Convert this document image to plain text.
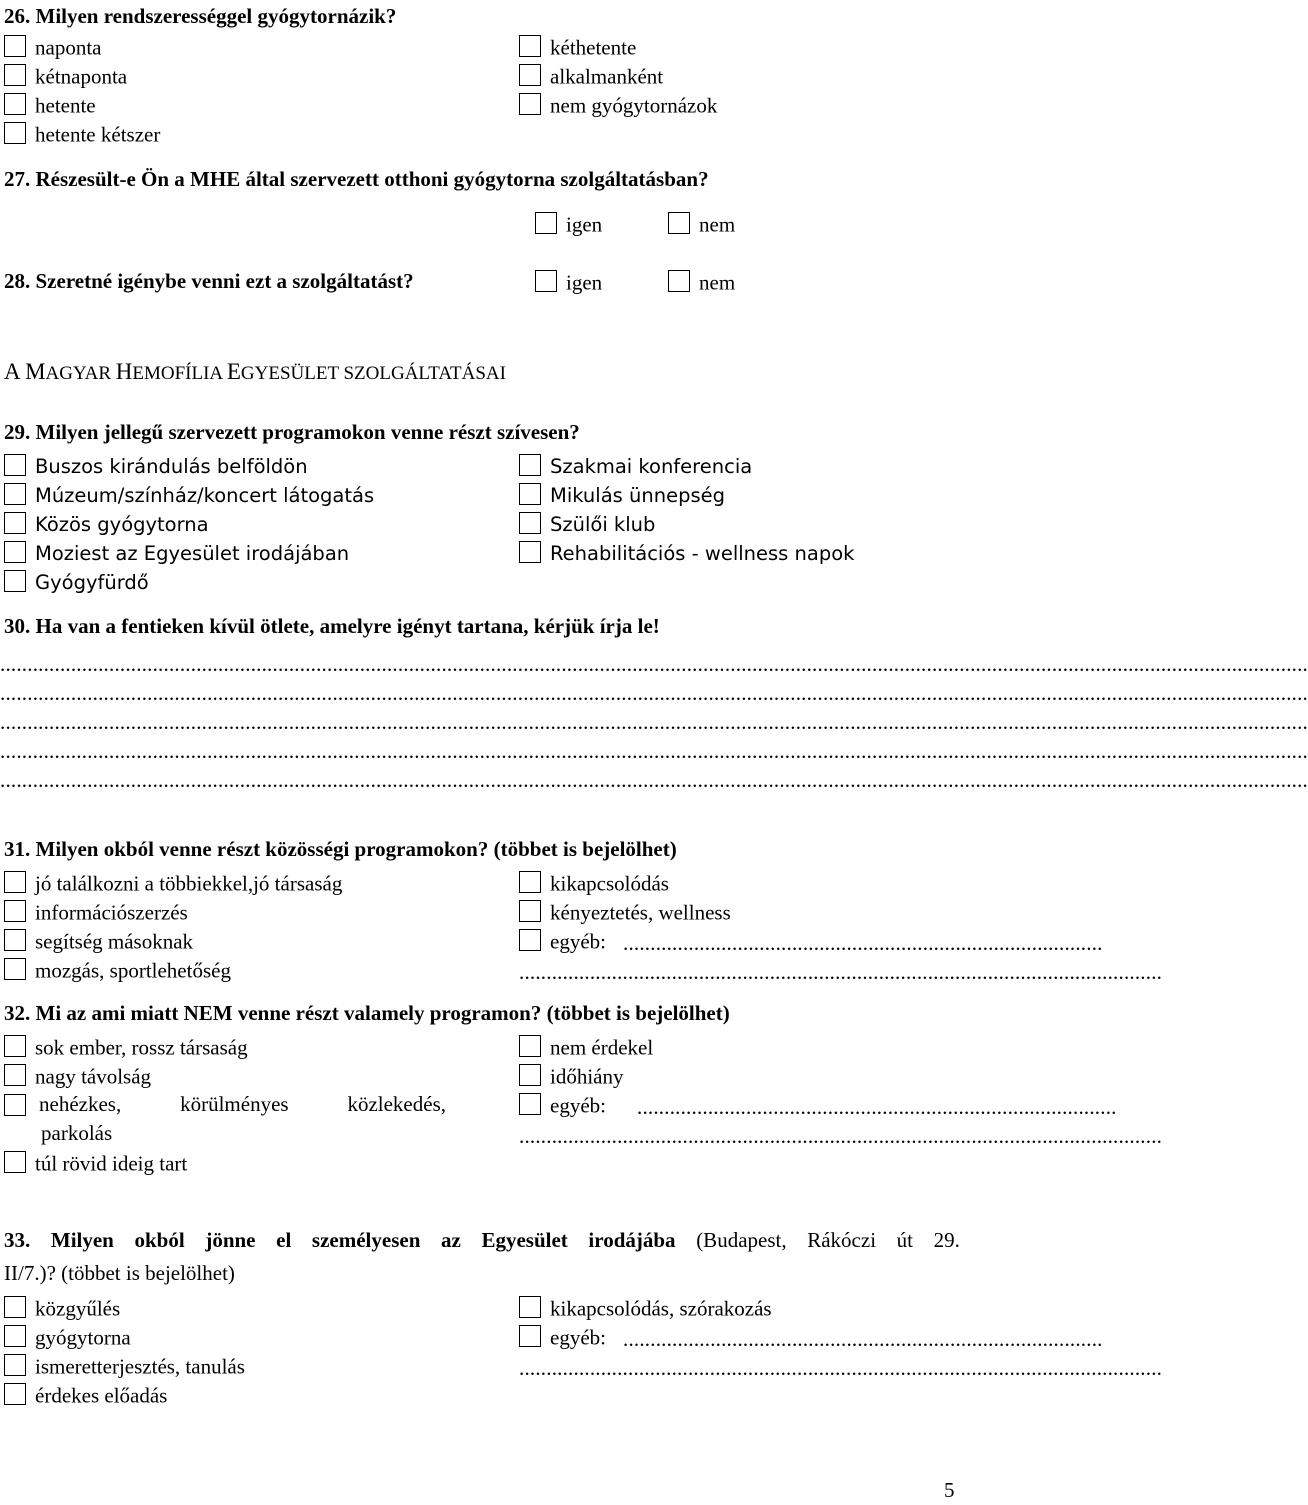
26. Milyen rendszerességgel gyógytornázik?
naponta
kétnaponta
hetente
hetente kétszer
kéthetente
alkalmanként
nem gyógytornázok
27. Részesült-e Ön a MHE által szervezett otthoni gyógytorna szolgáltatásban?
igen	nem
28. Szeretné igénybe venni ezt a szolgáltatást?	igen	nem
A MAGYAR HEMOFÍLIA EGYESÜLET SZOLGÁLTATÁSAI
29. Milyen jellegű szervezett programokon venne részt szívesen?
Buszos kirándulás belföldön
Múzeum/színház/koncert látogatás
Közös gyógytorna
Moziest az Egyesület irodájában
Gyógyfürdő
Szakmai konferencia
Mikulás ünnepség
Szülői klub
Rehabilitációs - wellness napok
30. Ha van a fentieken kívül ötlete, amelyre igényt tartana, kérjük írja le!
................................................................................................................................................................................................................................................
................................................................................................................................................................................................................................................
................................................................................................................................................................................................................................................
................................................................................................................................................................................................................................................
................................................................................................................................................................................................................................................
31. Milyen okból venne részt közösségi programokon? (többet is bejelölhet)
jó találkozni a többiekkel,jó társaság
információszerzés
segítség másoknak
mozgás, sportlehetőség
kikapcsolódás
kényeztetés, wellness
egyéb: ........................................................................................
......................................................................................................................
32. Mi az ami miatt NEM venne részt valamely programon? (többet is bejelölhet)
sok ember, rossz társaság
nagy távolság
nehézkes,	körülményes	közlekedés,
parkolás
túl rövid ideig tart
nem érdekel
időhiány
egyéb: ........................................................................................
......................................................................................................................
33. Milyen okból jönne el személyesen az Egyesület irodájába (Budapest, Rákóczi út 29.
II/7.)? (többet is bejelölhet)
közgyűlés
gyógytorna
ismeretterjesztés, tanulás
érdekes előadás
kikapcsolódás, szórakozás
egyéb: ........................................................................................
......................................................................................................................
5
